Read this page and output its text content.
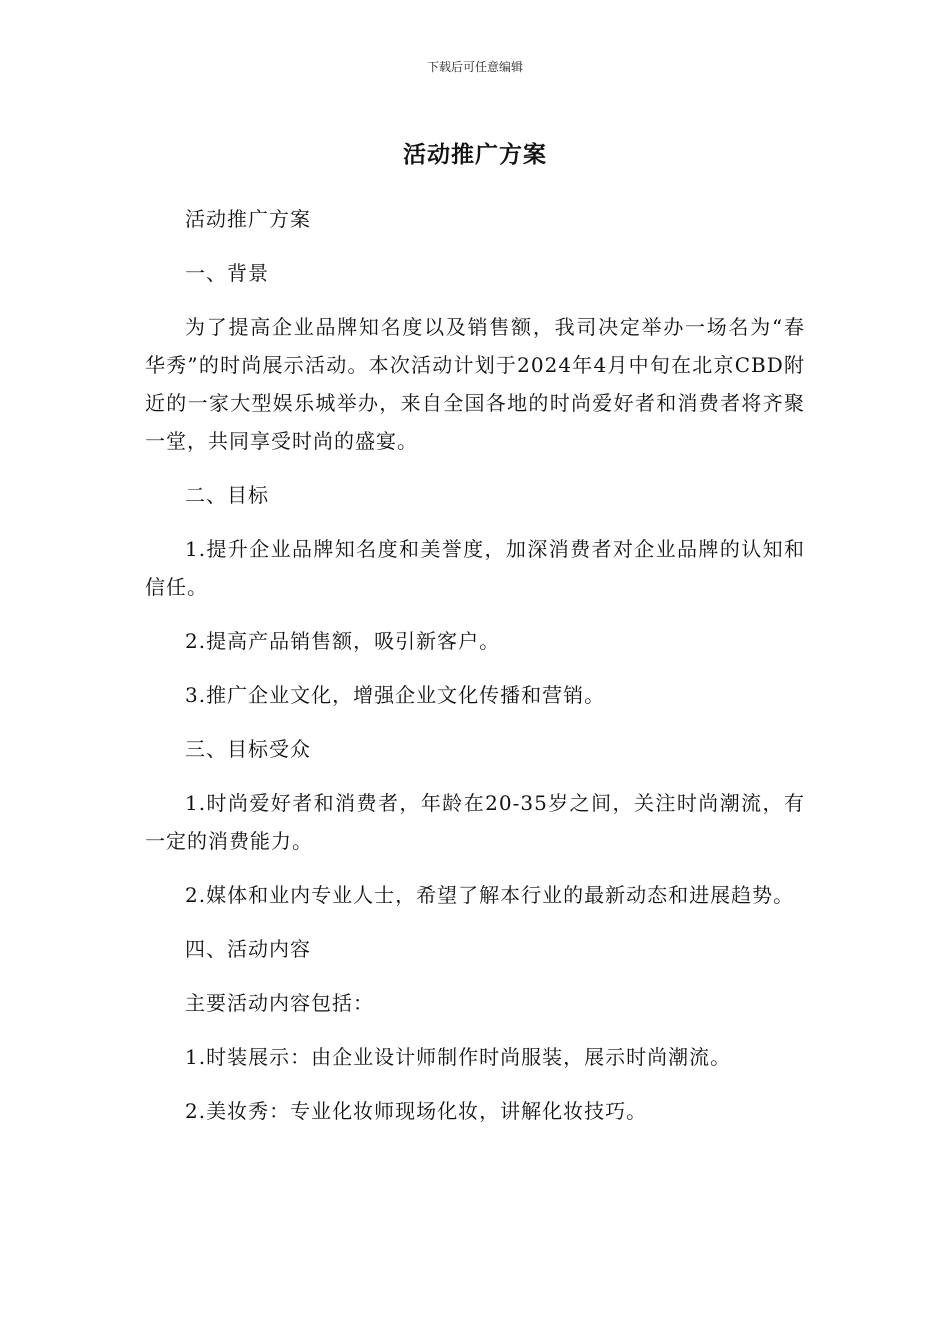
下载后可任意编辑
活动推广方案

活动推广方案

一、背景

为了提高企业品牌知名度以及销售额，我司决定举办一场名为“春华秀”的时尚展示活动。本次活动计划于2024年4月中旬在北京CBD附近的一家大型娱乐城举办，来自全国各地的时尚爱好者和消费者将齐聚一堂，共同享受时尚的盛宴。

二、目标

1.提升企业品牌知名度和美誉度，加深消费者对企业品牌的认知和信任。

2.提高产品销售额，吸引新客户。

3.推广企业文化，增强企业文化传播和营销。

三、目标受众

1.时尚爱好者和消费者，年龄在20-35岁之间，关注时尚潮流，有一定的消费能力。

2.媒体和业内专业人士，希望了解本行业的最新动态和进展趋势。

四、活动内容

主要活动内容包括：

1.时装展示：由企业设计师制作时尚服装，展示时尚潮流。

2.美妆秀：专业化妆师现场化妆，讲解化妆技巧。
